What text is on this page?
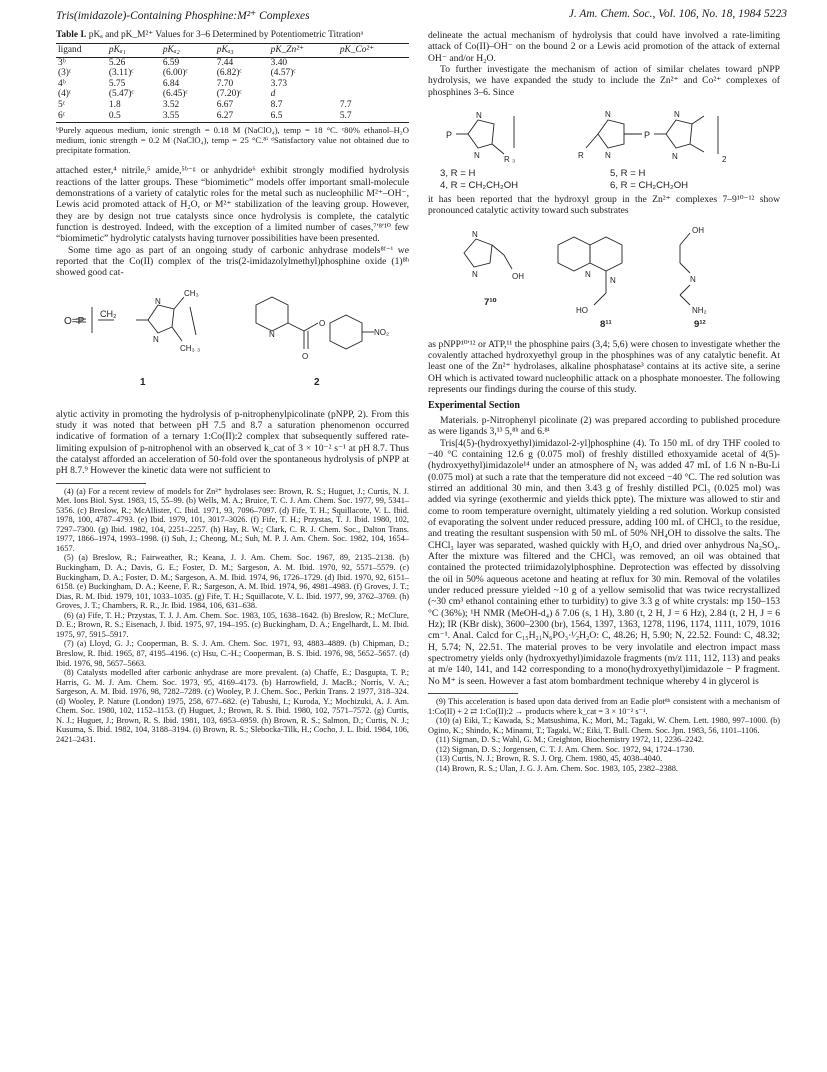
Tris(imidazole)-Containing Phosphine:M²⁺ Complexes	J. Am. Chem. Soc., Vol. 106, No. 18, 1984 5223
Table I. pKₐ and pK_M²⁺ Values for 3–6 Determined by Potentiometric Titrationᵃ
ligand	pKₐ₁	pKₐ₂	pKₐ₃	pK_Zn²⁺	pK_Co²⁺
3ᵇ	5.26	6.59	7.44	3.40	
(3)ᶜ	(3.11)ᶜ	(6.00)ᶜ	(6.82)ᶜ	(4.57)ᶜ	
4ᵇ	5.75	6.84	7.70	3.73	
(4)ᶜ	(5.47)ᶜ	(6.45)ᶜ	(7.20)ᶜ	d	
5ᶜ	1.8	3.52	6.67	8.7	7.7
6ᶜ	0.5	3.55	6.27	6.5	5.7
ᵇPurely aqueous medium, ionic strength = 0.18 M (NaClO₄), temp = 18 °C. ᶜ80% ethanol–H₂O medium, ionic strength = 0.2 M (NaClO₄), temp = 25 °C.⁸ⁱ ᵈSatisfactory value not obtained due to precipitate formation.

attached ester,⁴ nitrile,⁵ amide,⁵ᵇ⁻ᵍ or anhydride⁶ exhibit strongly modified hydrolysis reactions of the latter groups. These “biomimetic” models offer important small-molecule demonstrations of a variety of catalytic roles for the metal such as nucleophilic M²⁺–OH⁻, Lewis acid promoted attack of H₂O, or M²⁺ stabilization of the leaving group. However, they are by design not true catalysts since once hydrolysis is complete, the catalytic function is destroyed. Indeed, with the exception of a limited number of cases,⁷ʹ⁸ʹ¹⁰ few “biomimetic” hydrolytic catalysts having turnover possibilities have been presented.

Some time ago as part of an ongoing study of carbonic anhydrase models⁸ᶠ⁻ⁱ we reported that the Co(II) complex of the tris(2-imidazolylmethyl)phosphine oxide (1)⁸ʰ showed good cat-

O=P
CH₂
N
N
CH₃
CH₃ ₃
1
N
O
O
NO₂
2

alytic activity in promoting the hydrolysis of p-nitrophenylpicolinate (pNPP, 2). From this study it was noted that between pH 7.5 and 8.7 a saturation phenomenon occurred indicative of formation of a ternary 1:Co(II):2 complex that subsequently suffered rate-limiting expulsion of p-nitrophenol with an observed k_cat of 3 × 10⁻² s⁻¹ at pH 8.7. Thus the catalyst afforded an acceleration of 50-fold over the spontaneous hydrolysis of pNPP at pH 8.7.⁹ However the kinetic data were not sufficient to

(4) (a) For a recent review of models for Zn²⁺ hydrolases see: Brown, R. S.; Huguet, J.; Curtis, N. J. Met. Ions Biol. Syst. 1983, 15, 55–99. (b) Wells, M. A.; Bruice, T. C. J. Am. Chem. Soc. 1977, 99, 5341–5356. (c) Breslow, R.; McAllister, C. Ibid. 1971, 93, 7096–7097. (d) Fife, T. H.; Squillacote, V. L. Ibid. 1978, 100, 4787–4793. (e) Ibid. 1979, 101, 3017–3026. (f) Fife, T. H.; Przystas, T. J. Ibid. 1980, 102, 7297–7300. (g) Ibid. 1982, 104, 2251–2257. (h) Hay, R. W.; Clark, C. R. J. Chem. Soc., Dalton Trans. 1977, 1866–1974, 1993–1998. (i) Suh, J.; Cheong, M.; Suh, M. P. J. Am. Chem. Soc. 1982, 104, 1654–1657.

(5) (a) Breslow, R.; Fairweather, R.; Keana, J. J. Am. Chem. Soc. 1967, 89, 2135–2138. (b) Buckingham, D. A.; Davis, G. E.; Foster, D. M.; Sargeson, A. M. Ibid. 1970, 92, 5571–5579. (c) Buckingham, D. A.; Foster, D. M.; Sargeson, A. M. Ibid. 1974, 96, 1726–1729. (d) Ibid. 1970, 92, 6151–6158. (e) Buckingham, D. A.; Keene, F. R.; Sargeson, A. M. Ibid. 1974, 96, 4981–4983. (f) Groves, J. T.; Dias, R. M. Ibid. 1979, 101, 1033–1035. (g) Fife, T. H.; Squillacote, V. L. Ibid. 1977, 99, 3762–3769. (h) Groves, J. T.; Chambers, R. R., Jr. Ibid. 1984, 106, 631–638.

(6) (a) Fife, T. H.; Przystas, T. J. J. Am. Chem. Soc. 1983, 105, 1638–1642. (b) Breslow, R.; McClure, D. E.; Brown, R. S.; Eisenach, J. Ibid. 1975, 97, 194–195. (c) Buckingham, D. A.; Engelhardt, L. M. Ibid. 1975, 97, 5915–5917.

(7) (a) Lloyd, G. J.; Cooperman, B. S. J. Am. Chem. Soc. 1971, 93, 4883–4889. (b) Chipman, D.; Breslow, R. Ibid. 1965, 87, 4195–4196. (c) Hsu, C.-H.; Cooperman, B. S. Ibid. 1976, 98, 5652–5657. (d) Ibid. 1976, 98, 5657–5663.

(8) Catalysts modelled after carbonic anhydrase are more prevalent. (a) Chaffe, E.; Dasgupta, T. P.; Harris, G. M. J. Am. Chem. Soc. 1973, 95, 4169–4173. (b) Harrowfield, J. MacB.; Norris, V. A.; Sargeson, A. M. Ibid. 1976, 98, 7282–7289. (c) Wooley, P. J. Chem. Soc., Perkin Trans. 2 1977, 318–324. (d) Wooley, P. Nature (London) 1975, 258, 677–682. (e) Tabushi, I.; Kuroda, Y.; Mochizuki, A. J. Am. Chem. Soc. 1980, 102, 1152–1153. (f) Huguet, J.; Brown, R. S. Ibid. 1980, 102, 7571–7572. (g) Curtis, N. J.; Huguet, J.; Brown, R. S. Ibid. 1981, 103, 6953–6959. (h) Brown, R. S.; Salmon, D.; Curtis, N. J.; Kusuma, S. Ibid. 1982, 104, 3188–3194. (i) Brown, R. S.; Slebocka-Tilk, H.; Cocho, J. L. Ibid. 1984, 106, 2421–2431.

delineate the actual mechanism of hydrolysis that could have involved a rate-limiting attack of Co(II)–OH⁻ on the bound 2 or a Lewis acid promotion of the attack of external OH⁻ and/or H₂O.

To further investigate the mechanism of action of similar chelates toward pNPP hydrolysis, we have expanded the study to include the Zn²⁺ and Co²⁺ complexes of phosphines 3–6. Since

P
N
N	R ₃
3, R = H
4, R = CH₂CH₂OH
R
N
N
P
N
N	2
5, R = H
6, R = CH₂CH₂OH

it has been reported that the hydroxyl group in the Zn²⁺ complexes 7–9¹⁰⁻¹² show pronounced catalytic activity toward such substrates

N
N	OH
7¹⁰
N
N
HO
8¹¹
OH
N
NH₂
9¹²

as pNPP¹⁰ʹ¹² or ATP,¹¹ the phosphine pairs (3,4; 5,6) were chosen to investigate whether the covalently attached hydroxyethyl group in the phosphines was of any catalytic benefit. At least one of the Zn²⁺ hydrolases, alkaline phosphatase³ contains at its active site, a serine OH which is activated toward nucleophilic attack on a phosphate monoester. The following represents our findings during the course of this study.

Experimental Section

Materials. p-Nitrophenyl picolinate (2) was prepared according to published procedure as were ligands 3,¹³ 5,⁸ʰ and 6.⁸ⁱ

Tris[4(5)-(hydroxyethyl)imidazol-2-yl]phosphine (4). To 150 mL of dry THF cooled to −40 °C containing 12.6 g (0.075 mol) of freshly distilled ethoxyamide acetal of 4(5)-(hydroxyethyl)imidazole¹⁴ under an atmosphere of N₂ was added 47 mL of 1.6 N n-Bu-Li (0.075 mol) at such a rate that the temperature did not exceed −40 °C. The red solution was stirred an additional 30 min, and then 3.43 g of freshly distilled PCl₃ (0.025 mol) was added via syringe (exothermic and yields thick ppte). The mixture was allowed to stir and come to room temperature overnight, ultimately yielding a red solution. Workup consisted of evaporating the solvent under reduced pressure, adding 100 mL of CHCl₃ to the residue, and treating the resultant suspension with 50 mL of 50% NH₄OH to dissolve the salts. The CHCl₃ layer was separated, washed quickly with H₂O, and dried over anhydrous Na₂SO₄. After the mixture was filtered and the CHCl₃ was removed, an oil was obtained that contained the protected triimidazolylphosphine. Deprotection was effected by dissolving the oil in 50% aqueous acetone and heating at reflux for 30 min. Removal of the volatiles under reduced pressure yielded ~10 g of a yellow semisolid that was twice recrystallized (~30 cm³ ethanol containing ether to turbidity) to give 3.3 g of white crystals: mp 150–153 °C (36%); ¹H NMR (MeOH-d₄) δ 7.06 (s, 1 H), 3.80 (t, 2 H, J = 6 Hz), 2.84 (t, 2 H, J = 6 Hz); IR (KBr disk), 3600–2300 (br), 1564, 1397, 1363, 1278, 1196, 1174, 1111, 1079, 1016 cm⁻¹. Anal. Calcd for C₁₅H₂₁N₆PO₃·¹⁄₂H₂O: C, 48.26; H, 5.90; N, 22.52. Found: C, 48.32; H, 5.74; N, 22.51. The material proves to be very involatile and electron impact mass spectrometry yields only (hydroxyethyl)imidazole fragments (m/z 111, 112, 113) and peaks at m/e 140, 141, and 142 corresponding to a mono(hydroxyethyl)imidazole − P fragment. No M⁺ is seen. However a fast atom bombardment technique whereby 4 in glycerol is

(9) This acceleration is based upon data derived from an Eadie plot⁸ʰ consistent with a mechanism of 1:Co(II) + 2 ⇄ 1:Co(II):2 → products where k_cat = 3 × 10⁻² s⁻¹.

(10) (a) Eiki, T.; Kawada, S.; Matsushima, K.; Mori, M.; Tagaki, W. Chem. Lett. 1980, 997–1000. (b) Ogino, K.; Shindo, K.; Minami, T.; Tagaki, W.; Eiki, T. Bull. Chem. Soc. Jpn. 1983, 56, 1101–1106.

(11) Sigman, D. S.; Wahl, G. M.; Creighton, Biochemistry 1972, 11, 2236–2242.

(12) Sigman, D. S.; Jorgensen, C. T. J. Am. Chem. Soc. 1972, 94, 1724–1730.

(13) Curtis, N. J.; Brown, R. S. J. Org. Chem. 1980, 45, 4038–4040.

(14) Brown, R. S.; Ulan, J. G. J. Am. Chem. Soc. 1983, 105, 2382–2388.
